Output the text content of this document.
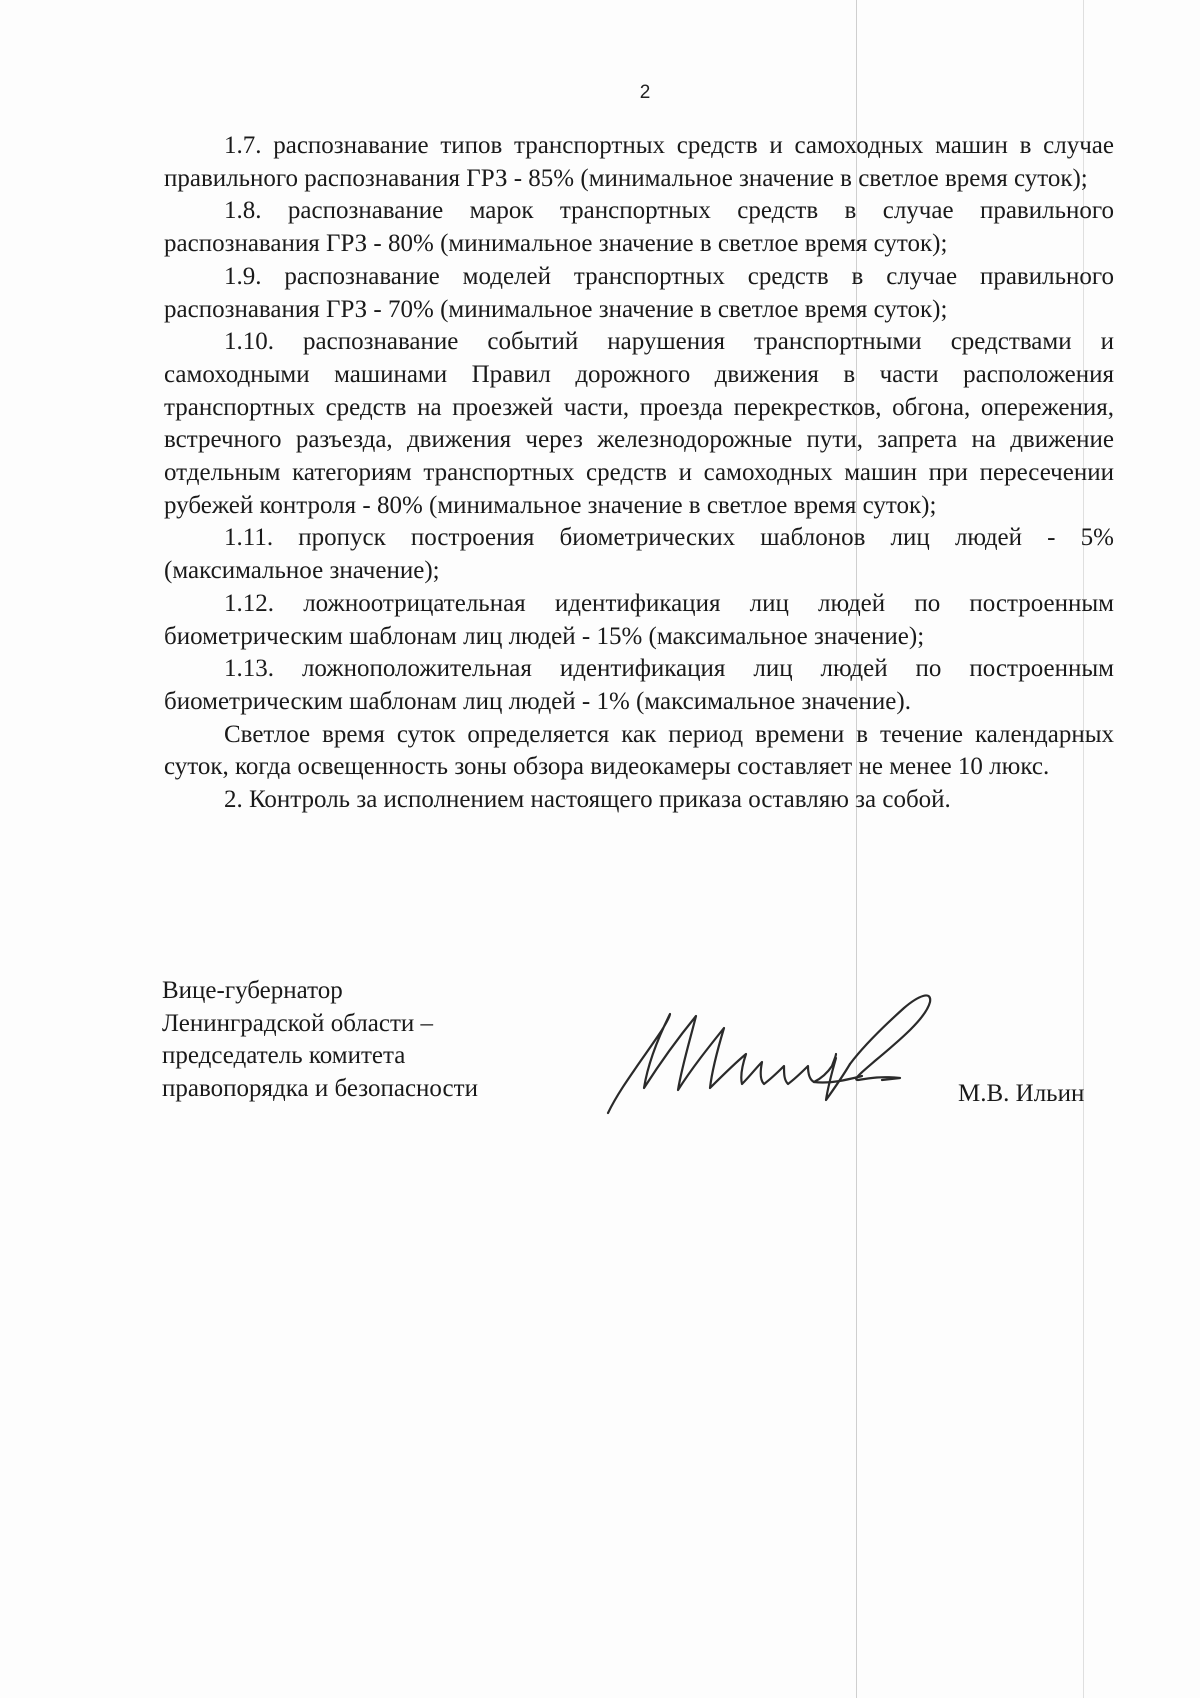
2

1.7. распознавание типов транспортных средств и самоходных машин в случае правильного распознавания ГРЗ - 85% (минимальное значение в светлое время суток);

1.8. распознавание марок транспортных средств в случае правильного распознавания ГРЗ - 80% (минимальное значение в светлое время суток);

1.9. распознавание моделей транспортных средств в случае правильного распознавания ГРЗ - 70% (минимальное значение в светлое время суток);

1.10. распознавание событий нарушения транспортными средствами и самоходными машинами Правил дорожного движения в части расположения транспортных средств на проезжей части, проезда перекрестков, обгона, опережения, встречного разъезда, движения через железнодорожные пути, запрета на движение отдельным категориям транспортных средств и самоходных машин при пересечении рубежей контроля - 80% (минимальное значение в светлое время суток);

1.11. пропуск построения биометрических шаблонов лиц людей - 5% (максимальное значение);

1.12. ложноотрицательная идентификация лиц людей по построенным биометрическим шаблонам лиц людей - 15% (максимальное значение);

1.13. ложноположительная идентификация лиц людей по построенным биометрическим шаблонам лиц людей - 1% (максимальное значение).

Светлое время суток определяется как период времени в течение календарных суток, когда освещенность зоны обзора видеокамеры составляет не менее 10 люкс.

2. Контроль за исполнением настоящего приказа оставляю за собой.

Вице-губернатор
Ленинградской области –
председатель комитета
правопорядка и безопасности	М.В. Ильин
